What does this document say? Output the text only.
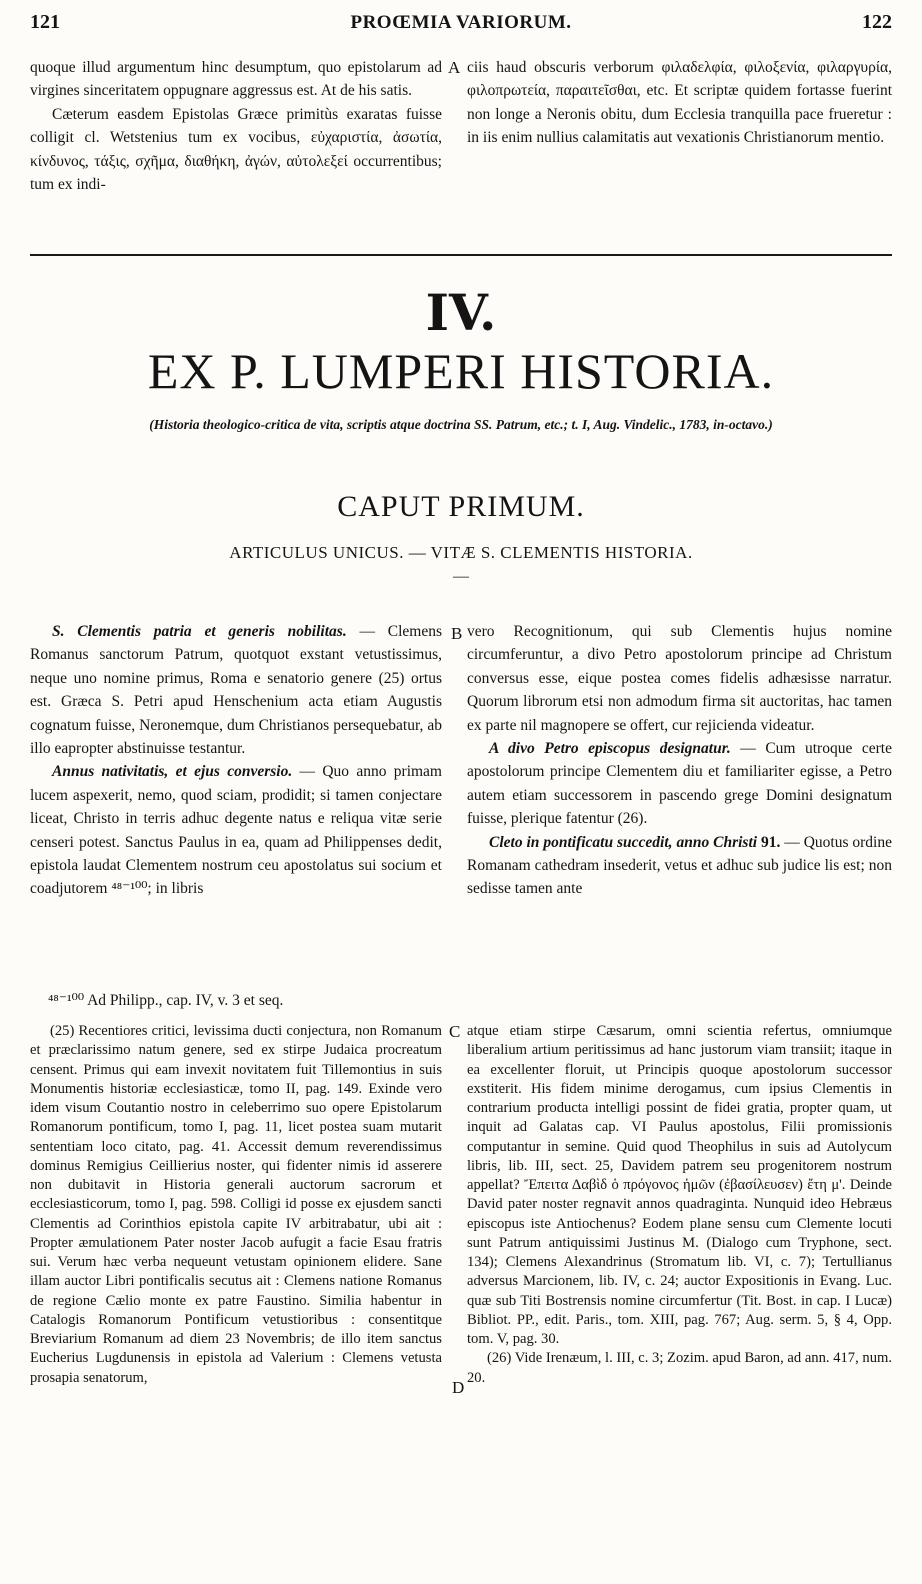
121	PROŒMIA VARIORUM.	122
A
B
C
D

quoque illud argumentum hinc desumptum, quo epistolarum ad virgines sinceritatem oppugnare aggressus est. At de his satis.

Cæterum easdem Epistolas Græce primitùs exaratas fuisse colligit cl. Wetstenius tum ex vocibus, εὐχαριστία, ἀσωτία, κίνδυνος, τάξις, σχῆμα, διαθήκη, ἀγών, αὐτολεξεί occurrentibus; tum ex indi-

ciis haud obscuris verborum φιλαδελφία, φιλοξενία, φιλαργυρία, φιλοπρωτεία, παραιτεῖσθαι, etc. Et scriptæ quidem fortasse fuerint non longe a Neronis obitu, dum Ecclesia tranquilla pace frueretur : in iis enim nullius calamitatis aut vexationis Christianorum mentio.

IV.
EX P. LUMPERI HISTORIA.
(Historia theologico-critica de vita, scriptis atque doctrina SS. Patrum, etc.; t. I, Aug. Vindelic., 1783, in-octavo.)
CAPUT PRIMUM.
ARTICULUS UNICUS. — VITÆ S. CLEMENTIS HISTORIA.
—

S. Clementis patria et generis nobilitas. — Clemens Romanus sanctorum Patrum, quotquot exstant vetustissimus, neque uno nomine primus, Roma e senatorio genere (25) ortus est. Græca S. Petri apud Henschenium acta etiam Augustis cognatum fuisse, Neronemque, dum Christianos persequebatur, ab illo eapropter abstinuisse testantur.

Annus nativitatis, et ejus conversio. — Quo anno primam lucem aspexerit, nemo, quod sciam, prodidit; si tamen conjectare liceat, Christo in terris adhuc degente natus e reliqua vitæ serie censeri potest. Sanctus Paulus in ea, quam ad Philippenses dedit, epistola laudat Clementem nostrum ceu apostolatus sui socium et coadjutorem ⁴⁸⁻¹⁰⁰; in libris

⁴⁸⁻¹⁰⁰ Ad Philipp., cap. IV, v. 3 et seq.

vero Recognitionum, qui sub Clementis hujus nomine circumferuntur, a divo Petro apostolorum principe ad Christum conversus esse, eique postea comes fidelis adhæsisse narratur. Quorum librorum etsi non admodum firma sit auctoritas, hac tamen ex parte nil magnopere se offert, cur rejicienda videatur.

A divo Petro episcopus designatur. — Cum utroque certe apostolorum principe Clementem diu et familiariter egisse, a Petro autem etiam successorem in pascendo grege Domini designatum fuisse, plerique fatentur (26).

Cleto in pontificatu succedit, anno Christi 91. — Quotus ordine Romanam cathedram insederit, vetus et adhuc sub judice lis est; non sedisse tamen ante

(25) Recentiores critici, levissima ducti conjectura, non Romanum et præclarissimo natum genere, sed ex stirpe Judaica procreatum censent. Primus qui eam invexit novitatem fuit Tillemontius in suis Monumentis historiæ ecclesiasticæ, tomo II, pag. 149. Exinde vero idem visum Coutantio nostro in celeberrimo suo opere Epistolarum Romanorum pontificum, tomo I, pag. 11, licet postea suam mutarit sententiam loco citato, pag. 41. Accessit demum reverendissimus dominus Remigius Ceillierius noster, qui fidenter nimis id asserere non dubitavit in Historia generali auctorum sacrorum et ecclesiasticorum, tomo I, pag. 598. Colligi id posse ex ejusdem sancti Clementis ad Corinthios epistola capite IV arbitrabatur, ubi ait : Propter æmulationem Pater noster Jacob aufugit a facie Esau fratris sui. Verum hæc verba nequeunt vetustam opinionem elidere. Sane illam auctor Libri pontificalis secutus ait : Clemens natione Romanus de regione Cælio monte ex patre Faustino. Similia habentur in Catalogis Romanorum Pontificum vetustioribus : consentitque Breviarium Romanum ad diem 23 Novembris; de illo item sanctus Eucherius Lugdunensis in epistola ad Valerium : Clemens vetusta prosapia senatorum,

atque etiam stirpe Cæsarum, omni scientia refertus, omniumque liberalium artium peritissimus ad hanc justorum viam transiit; itaque in ea excellenter floruit, ut Principis quoque apostolorum successor exstiterit. His fidem minime derogamus, cum ipsius Clementis in contrarium producta intelligi possint de fidei gratia, propter quam, ut inquit ad Galatas cap. VI Paulus apostolus, Filii promissionis computantur in semine. Quid quod Theophilus in suis ad Autolycum libris, lib. III, sect. 25, Davidem patrem seu progenitorem nostrum appellat? Ἔπειτα Δαβὶδ ὁ πρόγονος ἡμῶν (ἐβασίλευσεν) ἔτη μ'. Deinde David pater noster regnavit annos quadraginta. Nunquid ideo Hebræus episcopus iste Antiochenus? Eodem plane sensu cum Clemente locuti sunt Patrum antiquissimi Justinus M. (Dialogo cum Tryphone, sect. 134); Clemens Alexandrinus (Stromatum lib. VI, c. 7); Tertullianus adversus Marcionem, lib. IV, c. 24; auctor Expositionis in Evang. Luc. quæ sub Titi Bostrensis nomine circumfertur (Tit. Bost. in cap. I Lucæ) Bibliot. PP., edit. Paris., tom. XIII, pag. 767; Aug. serm. 5, § 4, Opp. tom. V, pag. 30.

(26) Vide Irenæum, l. III, c. 3; Zozim. apud Baron, ad ann. 417, num. 20.
